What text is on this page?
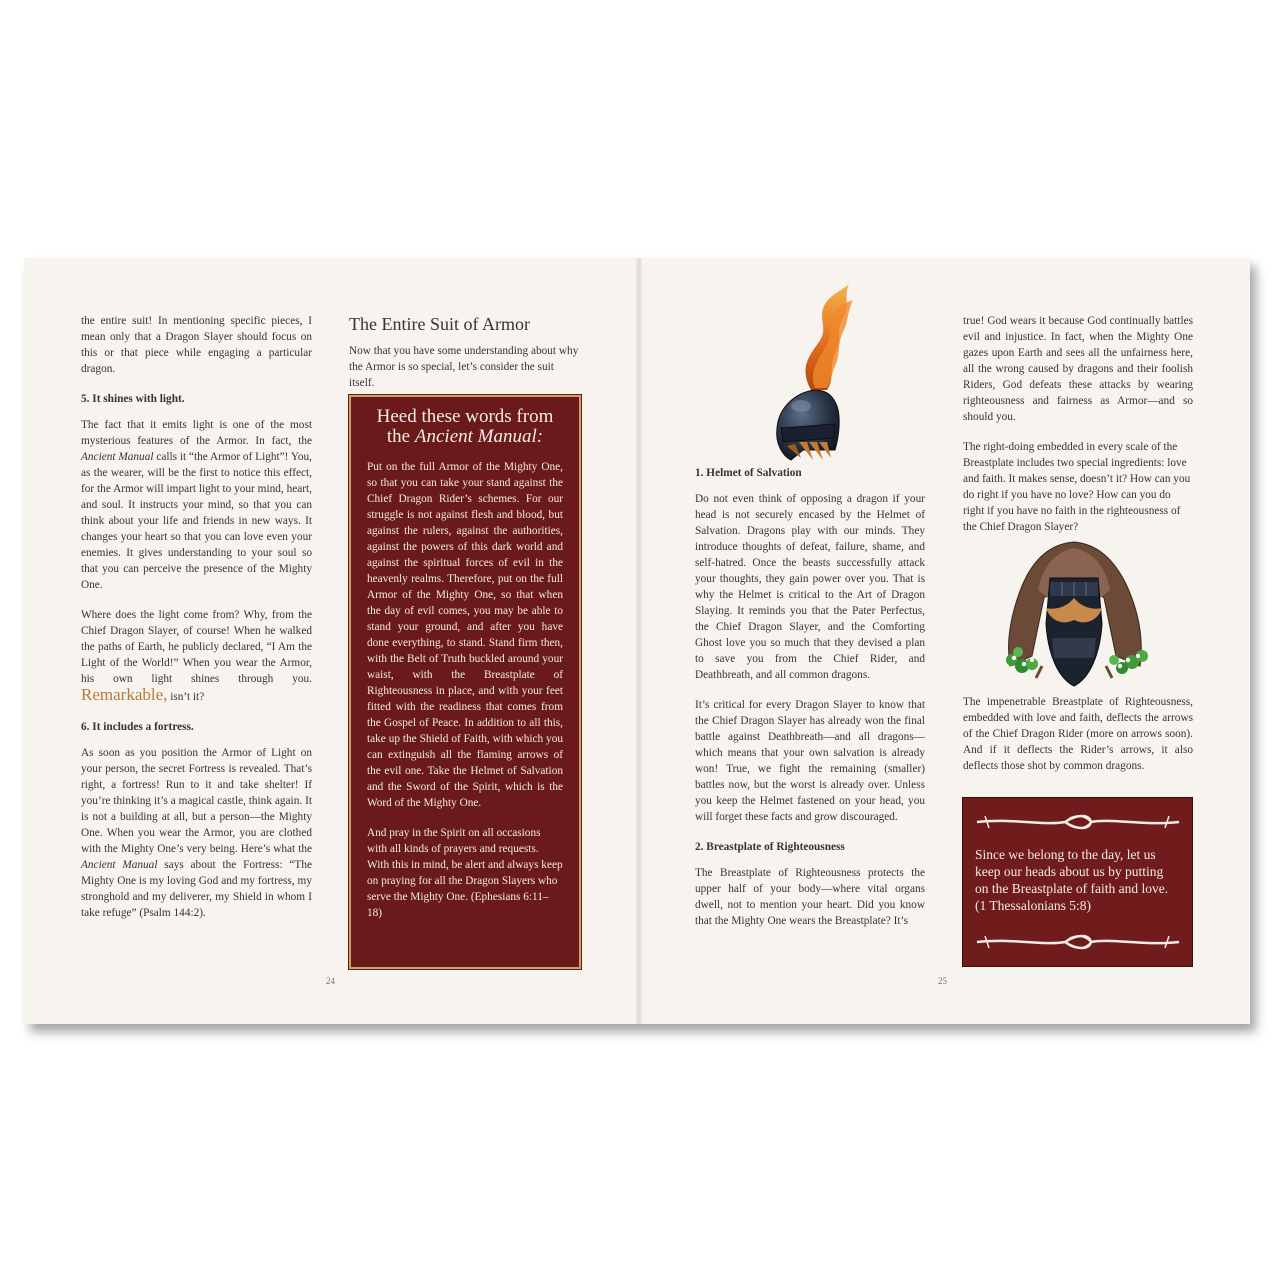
the entire suit! In mentioning specific pieces, I mean only that a Dragon Slayer should focus on this or that piece while engaging a particular dragon.

5. It shines with light.

The fact that it emits light is one of the most mysterious features of the Armor. In fact, the Ancient Manual calls it “the Armor of Light”! You, as the wearer, will be the first to notice this effect, for the Armor will impart light to your mind, heart, and soul. It instructs your mind, so that you can think about your life and friends in new ways. It changes your heart so that you can love even your enemies. It gives understanding to your soul so that you can perceive the presence of the Mighty One.

Where does the light come from? Why, from the Chief Dragon Slayer, of course! When he walked the paths of Earth, he publicly declared, “I Am the Light of the World!” When you wear the Armor, his own light shines through you. Remarkable, isn’t it?

6. It includes a fortress.

As soon as you position the Armor of Light on your person, the secret Fortress is revealed. That’s right, a fortress! Run to it and take shelter! If you’re thinking it’s a magical castle, think again. It is not a building at all, but a person—the Mighty One. When you wear the Armor, you are clothed with the Mighty One’s very being. Here’s what the Ancient Manual says about the Fortress: “The Mighty One is my loving God and my fortress, my stronghold and my deliverer, my Shield in whom I take refuge” (Psalm 144:2).

The Entire Suit of Armor

Now that you have some understanding about why the Armor is so special, let’s consider the suit itself.

Heed these words from
the Ancient Manual:

Put on the full Armor of the Mighty One, so that you can take your stand against the Chief Dragon Rider’s schemes. For our struggle is not against flesh and blood, but against the rulers, against the authorities, against the powers of this dark world and against the spiritual forces of evil in the heavenly realms. Therefore, put on the full Armor of the Mighty One, so that when the day of evil comes, you may be able to stand your ground, and after you have done everything, to stand. Stand firm then, with the Belt of Truth buckled around your waist, with the Breastplate of Righteousness in place, and with your feet fitted with the readiness that comes from the Gospel of Peace. In addition to all this, take up the Shield of Faith, with which you can extinguish all the flaming arrows of the evil one. Take the Helmet of Salvation and the Sword of the Spirit, which is the Word of the Mighty One.

And pray in the Spirit on all occasions with all kinds of prayers and requests. With this in mind, be alert and always keep on praying for all the Dragon Slayers who serve the Mighty One. (Ephesians 6:11–18)

24
1. Helmet of Salvation

Do not even think of opposing a dragon if your head is not securely encased by the Helmet of Salvation. Dragons play with our minds. They introduce thoughts of defeat, failure, shame, and self-hatred. Once the beasts successfully attack your thoughts, they gain power over you. That is why the Helmet is critical to the Art of Dragon Slaying. It reminds you that the Pater Perfectus, the Chief Dragon Slayer, and the Comforting Ghost love you so much that they devised a plan to save you from the Chief Rider, and Deathbreath, and all common dragons.

It’s critical for every Dragon Slayer to know that the Chief Dragon Slayer has already won the final battle against Deathbreath—and all dragons—which means that your own salvation is already won! True, we fight the remaining (smaller) battles now, but the worst is already over. Unless you keep the Helmet fastened on your head, you will forget these facts and grow discouraged.

2. Breastplate of Righteousness

The Breastplate of Righteousness protects the upper half of your body—where vital organs dwell, not to mention your heart. Did you know that the Mighty One wears the Breastplate? It’s

25

true! God wears it because God continually battles evil and injustice. In fact, when the Mighty One gazes upon Earth and sees all the unfairness here, all the wrong caused by dragons and their foolish Riders, God defeats these attacks by wearing righteousness and fairness as Armor—and so should you.

The right-doing embedded in every scale of the Breastplate includes two special ingredients: love and faith. It makes sense, doesn’t it? How can you do right if you have no love? How can you do right if you have no faith in the righteousness of the Chief Dragon Slayer?

The impenetrable Breastplate of Righteousness, embedded with love and faith, deflects the arrows of the Chief Dragon Rider (more on arrows soon). And if it deflects the Rider’s arrows, it also deflects those shot by common dragons.

Since we belong to the day, let us keep our heads about us by putting on the Breastplate of faith and love. (1 Thessalonians 5:8)
